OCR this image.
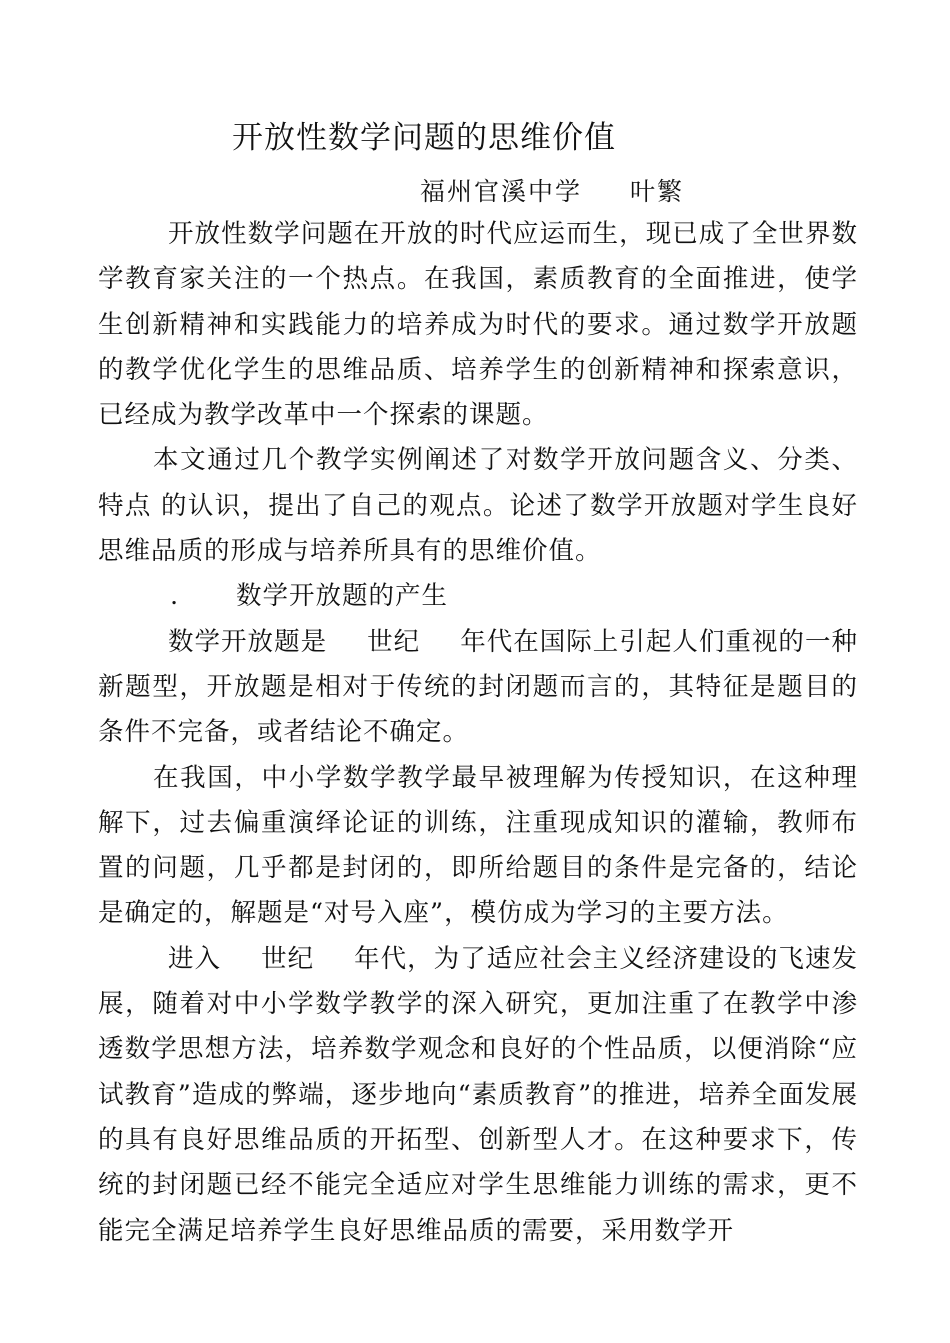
开放性数学问题的思维价值
福州官溪中学 叶繁

开放性数学问题在开放的时代应运而生，现已成了全世界数学教育家关注的一个热点。在我国，素质教育的全面推进，使学生创新精神和实践能力的培养成为时代的要求。通过数学开放题的教学优化学生的思维品质、培养学生的创新精神和探索意识，已经成为教学改革中一个探索的课题。

本文通过几个教学实例阐述了对数学开放问题含义、分类、特点 的认识，提出了自己的观点。论述了数学开放题对学生良好思维品质的形成与培养所具有的思维价值。

. 数学开放题的产生

数学开放题是 世纪 年代在国际上引起人们重视的一种新题型，开放题是相对于传统的封闭题而言的，其特征是题目的条件不完备，或者结论不确定。

在我国，中小学数学教学最早被理解为传授知识，在这种理解下，过去偏重演绎论证的训练，注重现成知识的灌输，教师布置的问题，几乎都是封闭的，即所给题目的条件是完备的，结论是确定的，解题是“对号入座”，模仿成为学习的主要方法。

进入 世纪 年代，为了适应社会主义经济建设的飞速发展，随着对中小学数学教学的深入研究，更加注重了在教学中渗透数学思想方法，培养数学观念和良好的个性品质，以便消除“应试教育”造成的弊端，逐步地向“素质教育”的推进，培养全面发展的具有良好思维品质的开拓型、创新型人才。在这种要求下，传统的封闭题已经不能完全适应对学生思维能力训练的需求，更不能完全满足培养学生良好思维品质的需要，采用数学开
